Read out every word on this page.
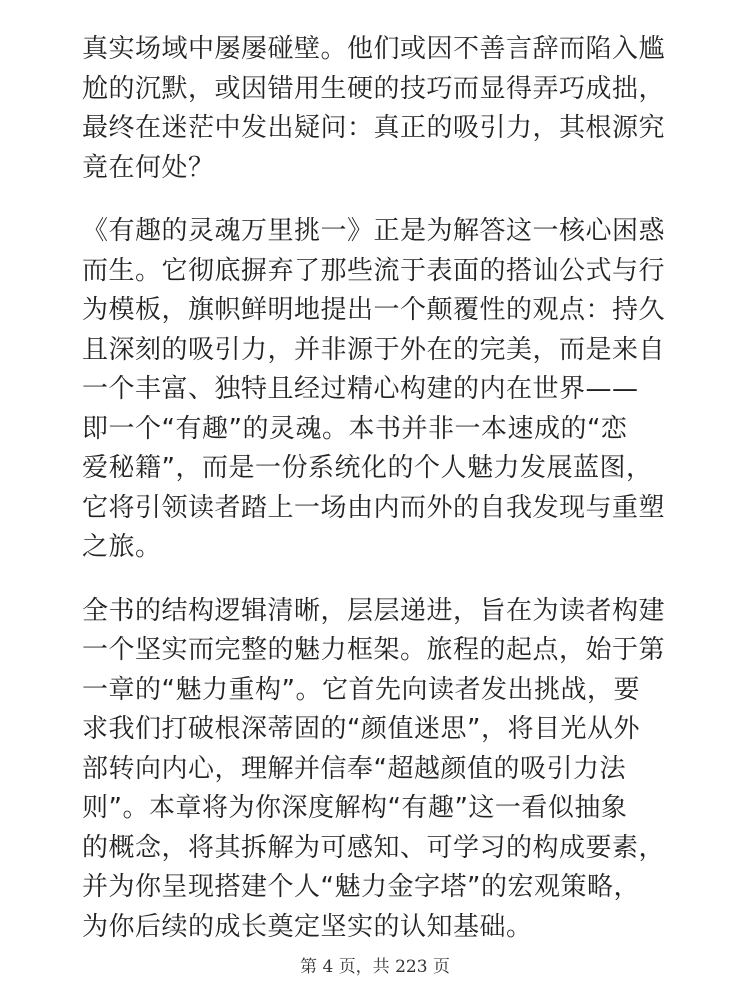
真实场域中屡屡碰壁。他们或因不善言辞而陷入尴
尬的沉默，或因错用生硬的技巧而显得弄巧成拙，
最终在迷茫中发出疑问：真正的吸引力，其根源究
竟在何处？

《有趣的灵魂万里挑一》正是为解答这一核心困惑
而生。它彻底摒弃了那些流于表面的搭讪公式与行
为模板，旗帜鲜明地提出一个颠覆性的观点：持久
且深刻的吸引力，并非源于外在的完美，而是来自
一个丰富、独特且经过精心构建的内在世界——
即一个“有趣”的灵魂。本书并非一本速成的“恋
爱秘籍”，而是一份系统化的个人魅力发展蓝图，
它将引领读者踏上一场由内而外的自我发现与重塑
之旅。

全书的结构逻辑清晰，层层递进，旨在为读者构建
一个坚实而完整的魅力框架。旅程的起点，始于第
一章的“魅力重构”。它首先向读者发出挑战，要
求我们打破根深蒂固的“颜值迷思”，将目光从外
部转向内心，理解并信奉“超越颜值的吸引力法
则”。本章将为你深度解构“有趣”这一看似抽象
的概念，将其拆解为可感知、可学习的构成要素，
并为你呈现搭建个人“魅力金字塔”的宏观策略，
为你后续的成长奠定坚实的认知基础。

第 4 页，共 223 页
